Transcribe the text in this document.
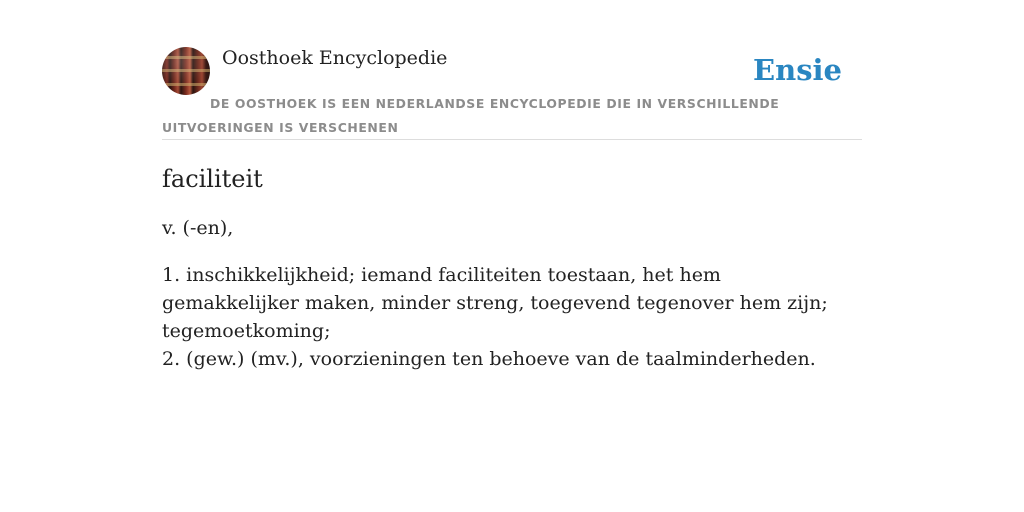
Oosthoek Encyclopedie	Ensie
DE OOSTHOEK IS EEN NEDERLANDSE ENCYCLOPEDIE DIE IN VERSCHILLENDE UITVOERINGEN IS VERSCHENEN
faciliteit

v. (-en),

1. inschikkelijkheid; iemand faciliteiten toestaan, het hem gemakkelijker maken, minder streng, toegevend tegenover hem zijn; tegemoetkoming;
2. (gew.) (mv.), voorzieningen ten behoeve van de taalminderheden.
